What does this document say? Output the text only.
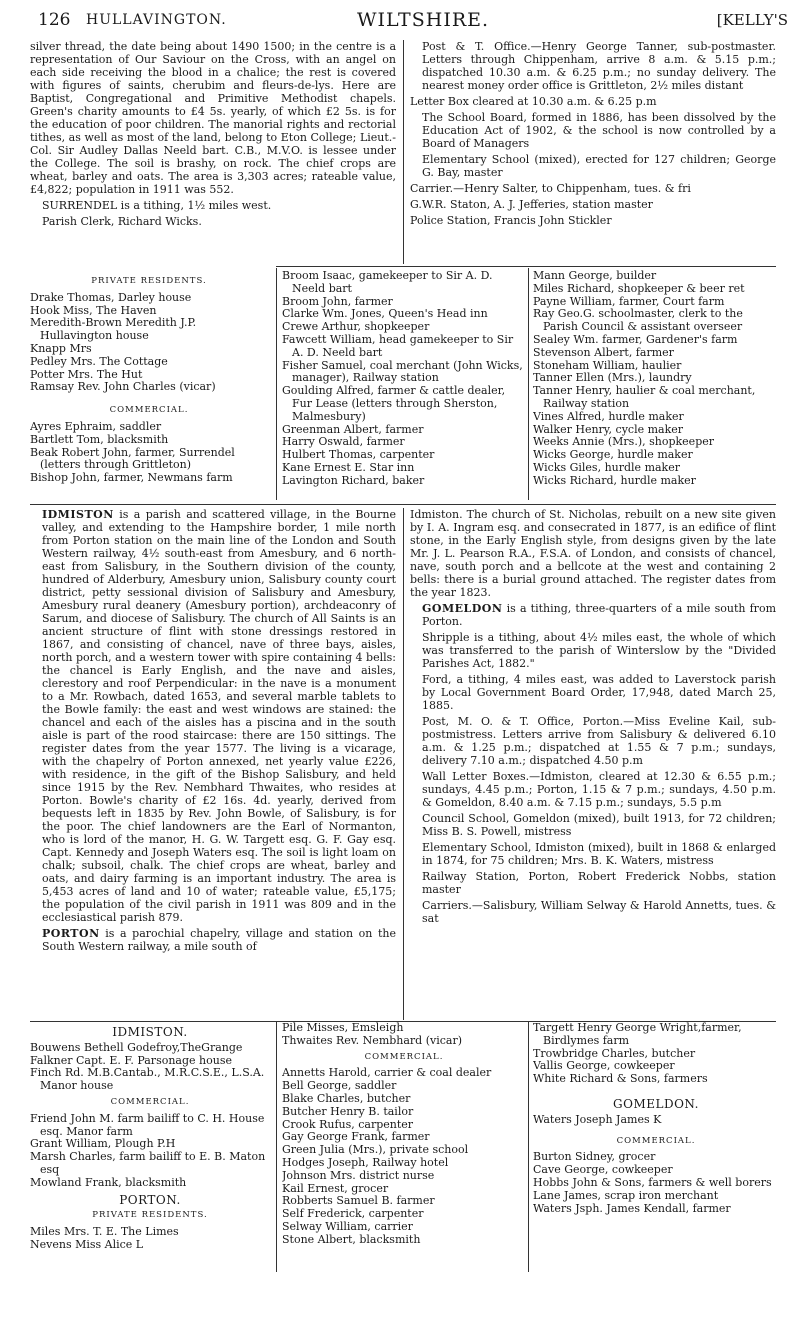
126 HULLAVINGTON.	WILTSHIRE.	[KELLY'S

silver thread, the date being about 1490 1500; in the centre is a representation of Our Saviour on the Cross, with an angel on each side receiving the blood in a chalice; the rest is covered with figures of saints, cherubim and fleurs-de-lys. Here are Baptist, Congregational and Primitive Methodist chapels. Green's charity amounts to £4 5s. yearly, of which £2 5s. is for the education of poor children. The manorial rights and rectorial tithes, as well as most of the land, belong to Eton College; Lieut.-Col. Sir Audley Dallas Neeld bart. C.B., M.V.O. is lessee under the College. The soil is brashy, on rock. The chief crops are wheat, barley and oats. The area is 3,303 acres; rateable value, £4,822; population in 1911 was 552.

SURRENDEL is a tithing, 1½ miles west.

Parish Clerk, Richard Wicks.

Post & T. Office.—Henry George Tanner, sub-postmaster. Letters through Chippenham, arrive 8 a.m. & 5.15 p.m.; dispatched 10.30 a.m. & 6.25 p.m.; no sunday delivery. The nearest money order office is Grittleton, 2½ miles distant

Letter Box cleared at 10.30 a.m. & 6.25 p.m

The School Board, formed in 1886, has been dissolved by the Education Act of 1902, & the school is now controlled by a Board of Managers

Elementary School (mixed), erected for 127 children; George G. Bay, master

Carrier.—Henry Salter, to Chippenham, tues. & fri

G.W.R. Staton, A. J. Jefferies, station master

Police Station, Francis John Stickler

PRIVATE RESIDENTS.
Drake Thomas, Darley house
Hook Miss, The Haven
Meredith-Brown Meredith J.P. Hullavington house
Knapp Mrs
Pedley Mrs. The Cottage
Potter Mrs. The Hut
Ramsay Rev. John Charles (vicar)
COMMERCIAL.
Ayres Ephraim, saddler
Bartlett Tom, blacksmith
Beak Robert John, farmer, Surrendel (letters through Grittleton)
Bishop John, farmer, Newmans farm
Broom Isaac, gamekeeper to Sir A. D. Neeld bart
Broom John, farmer
Clarke Wm. Jones, Queen's Head inn
Crewe Arthur, shopkeeper
Fawcett William, head gamekeeper to Sir A. D. Neeld bart
Fisher Samuel, coal merchant (John Wicks, manager), Railway station
Goulding Alfred, farmer & cattle dealer, Fur Lease (letters through Sherston, Malmesbury)
Greenman Albert, farmer
Harry Oswald, farmer
Hulbert Thomas, carpenter
Kane Ernest E. Star inn
Lavington Richard, baker
Mann George, builder
Miles Richard, shopkeeper & beer ret
Payne William, farmer, Court farm
Ray Geo.G. schoolmaster, clerk to the Parish Council & assistant overseer
Sealey Wm. farmer, Gardener's farm
Stevenson Albert, farmer
Stoneham William, haulier
Tanner Ellen (Mrs.), laundry
Tanner Henry, haulier & coal merchant, Railway station
Vines Alfred, hurdle maker
Walker Henry, cycle maker
Weeks Annie (Mrs.), shopkeeper
Wicks George, hurdle maker
Wicks Giles, hurdle maker
Wicks Richard, hurdle maker

IDMISTON is a parish and scattered village, in the Bourne valley, and extending to the Hampshire border, 1 mile north from Porton station on the main line of the London and South Western railway, 4½ south-east from Amesbury, and 6 north-east from Salisbury, in the Southern division of the county, hundred of Alderbury, Amesbury union, Salisbury county court district, petty sessional division of Salisbury and Amesbury, Amesbury rural deanery (Amesbury portion), archdeaconry of Sarum, and diocese of Salisbury. The church of All Saints is an ancient structure of flint with stone dressings restored in 1867, and consisting of chancel, nave of three bays, aisles, north porch, and a western tower with spire containing 4 bells: the chancel is Early English, and the nave and aisles, clerestory and roof Perpendicular: in the nave is a monument to a Mr. Rowbach, dated 1653, and several marble tablets to the Bowle family: the east and west windows are stained: the chancel and each of the aisles has a piscina and in the south aisle is part of the rood staircase: there are 150 sittings. The register dates from the year 1577. The living is a vicarage, with the chapelry of Porton annexed, net yearly value £226, with residence, in the gift of the Bishop Salisbury, and held since 1915 by the Rev. Nembhard Thwaites, who resides at Porton. Bowle's charity of £2 16s. 4d. yearly, derived from bequests left in 1835 by Rev. John Bowle, of Salisbury, is for the poor. The chief landowners are the Earl of Normanton, who is lord of the manor, H. G. W. Targett esq. G. F. Gay esq. Capt. Kennedy and Joseph Waters esq. The soil is light loam on chalk; subsoil, chalk. The chief crops are wheat, barley and oats, and dairy farming is an important industry. The area is 5,453 acres of land and 10 of water; rateable value, £5,175; the population of the civil parish in 1911 was 809 and in the ecclesiastical parish 879.

PORTON is a parochial chapelry, village and station on the South Western railway, a mile south of

Idmiston. The church of St. Nicholas, rebuilt on a new site given by I. A. Ingram esq. and consecrated in 1877, is an edifice of flint stone, in the Early English style, from designs given by the late Mr. J. L. Pearson R.A., F.S.A. of London, and consists of chancel, nave, south porch and a bellcote at the west and containing 2 bells: there is a burial ground attached. The register dates from the year 1823.

GOMELDON is a tithing, three-quarters of a mile south from Porton.

Shripple is a tithing, about 4½ miles east, the whole of which was transferred to the parish of Winterslow by the "Divided Parishes Act, 1882."

Ford, a tithing, 4 miles east, was added to Laverstock parish by Local Government Board Order, 17,948, dated March 25, 1885.

Post, M. O. & T. Office, Porton.—Miss Eveline Kail, sub-postmistress. Letters arrive from Salisbury & delivered 6.10 a.m. & 1.25 p.m.; dispatched at 1.55 & 7 p.m.; sundays, delivery 7.10 a.m.; dispatched 4.50 p.m

Wall Letter Boxes.—Idmiston, cleared at 12.30 & 6.55 p.m.; sundays, 4.45 p.m.; Porton, 1.15 & 7 p.m.; sundays, 4.50 p.m. & Gomeldon, 8.40 a.m. & 7.15 p.m.; sundays, 5.5 p.m

Council School, Gomeldon (mixed), built 1913, for 72 children; Miss B. S. Powell, mistress

Elementary School, Idmiston (mixed), built in 1868 & enlarged in 1874, for 75 children; Mrs. B. K. Waters, mistress

Railway Station, Porton, Robert Frederick Nobbs, station master

Carriers.—Salisbury, William Selway & Harold Annetts, tues. & sat

IDMISTON.
Bouwens Bethell Godefroy,TheGrange
Falkner Capt. E. F. Parsonage house
Finch Rd. M.B.Cantab., M.R.C.S.E., L.S.A. Manor house
COMMERCIAL.
Friend John M. farm bailiff to C. H. House esq. Manor farm
Grant William, Plough P.H
Marsh Charles, farm bailiff to E. B. Maton esq
Mowland Frank, blacksmith
PORTON.
PRIVATE RESIDENTS.
Miles Mrs. T. E. The Limes
Nevens Miss Alice L
Pile Misses, Emsleigh
Thwaites Rev. Nembhard (vicar)
COMMERCIAL.
Annetts Harold, carrier & coal dealer
Bell George, saddler
Blake Charles, butcher
Butcher Henry B. tailor
Crook Rufus, carpenter
Gay George Frank, farmer
Green Julia (Mrs.), private school
Hodges Joseph, Railway hotel
Johnson Mrs. district nurse
Kail Ernest, grocer
Robberts Samuel B. farmer
Self Frederick, carpenter
Selway William, carrier
Stone Albert, blacksmith
Targett Henry George Wright,farmer, Birdlymes farm
Trowbridge Charles, butcher
Vallis George, cowkeeper
White Richard & Sons, farmers
GOMELDON.
Waters Joseph James K
COMMERCIAL.
Burton Sidney, grocer
Cave George, cowkeeper
Hobbs John & Sons, farmers & well borers
Lane James, scrap iron merchant
Waters Jsph. James Kendall, farmer
